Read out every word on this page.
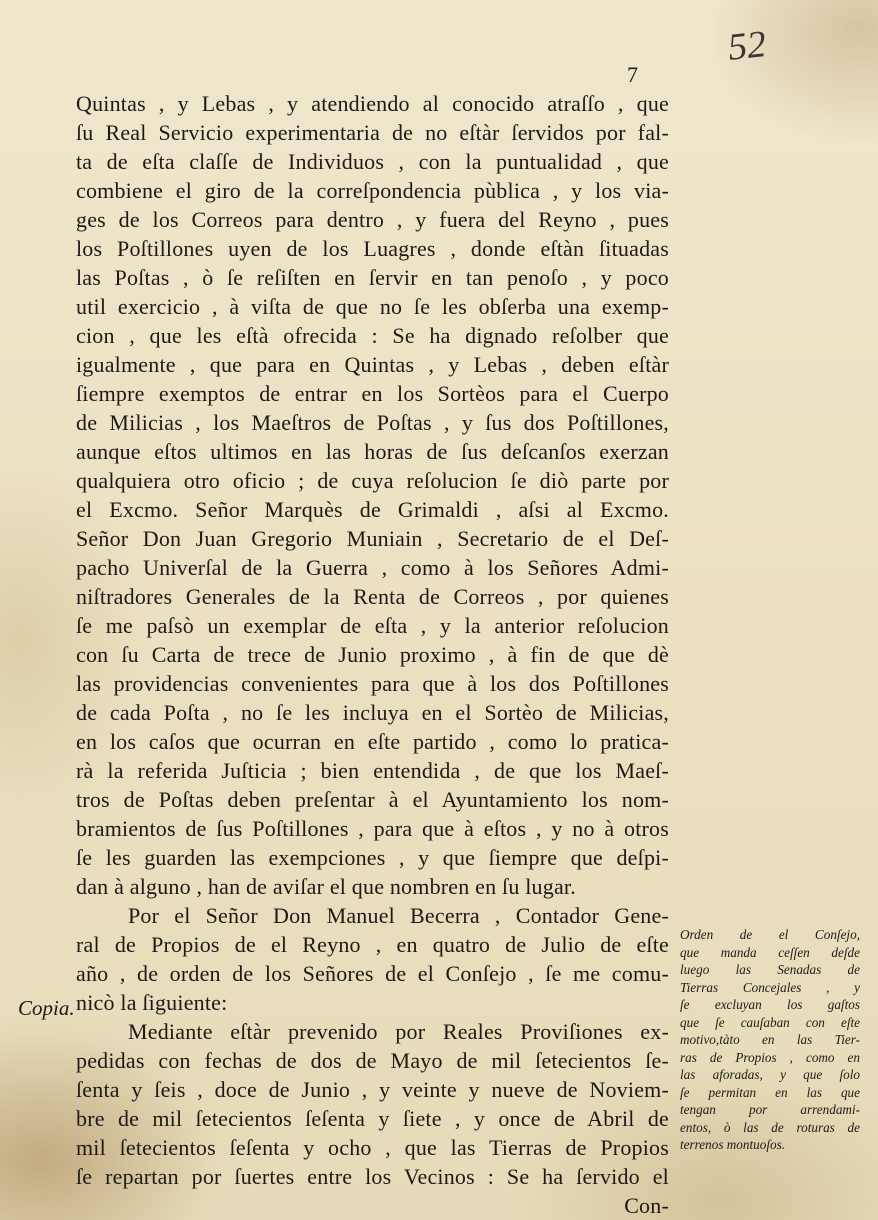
52
7
Quintas , y Lebas , y atendiendo al conocido atraſſo , que
ſu Real Servicio experimentaria de no eſtàr ſervidos por fal-
ta de eſta claſſe de Individuos , con la puntualidad , que
combiene el giro de la correſpondencia pùblica , y los via-
ges de los Correos para dentro , y fuera del Reyno , pues
los Poſtillones uyen de los Luagres , donde eſtàn ſituadas
las Poſtas , ò ſe reſiſten en ſervir en tan penoſo , y poco
util exercicio , à viſta de que no ſe les obſerba una exemp-
cion , que les eſtà ofrecida : Se ha dignado reſolber que
igualmente , que para en Quintas , y Lebas , deben eſtàr
ſiempre exemptos de entrar en los Sortèos para el Cuerpo
de Milicias , los Maeſtros de Poſtas , y ſus dos Poſtillones,
aunque eſtos ultimos en las horas de ſus deſcanſos exerzan
qualquiera otro oficio ; de cuya reſolucion ſe diò parte por
el Excmo. Señor Marquès de Grimaldi , aſsi al Excmo.
Señor Don Juan Gregorio Muniain , Secretario de el Deſ-
pacho Univerſal de la Guerra , como à los Señores Admi-
niſtradores Generales de la Renta de Correos , por quienes
ſe me paſsò un exemplar de eſta , y la anterior reſolucion
con ſu Carta de trece de Junio proximo , à fin de que dè
las providencias convenientes para que à los dos Poſtillones
de cada Poſta , no ſe les incluya en el Sortèo de Milicias,
en los caſos que ocurran en eſte partido , como lo pratica-
rà la referida Juſticia ; bien entendida , de que los Maeſ-
tros de Poſtas deben preſentar à el Ayuntamiento los nom-
bramientos de ſus Poſtillones , para que à eſtos , y no à otros
ſe les guarden las exempciones , y que ſiempre que deſpi-
dan à alguno , han de aviſar el que nombren en ſu lugar.
Por el Señor Don Manuel Becerra , Contador Gene-
ral de Propios de el Reyno , en quatro de Julio de eſte
año , de orden de los Señores de el Conſejo , ſe me comu-
nicò la ſiguiente:
Mediante eſtàr prevenido por Reales Proviſiones ex-
pedidas con fechas de dos de Mayo de mil ſetecientos ſe-
ſenta y ſeis , doce de Junio , y veinte y nueve de Noviem-
bre de mil ſetecientos ſeſenta y ſiete , y once de Abril de
mil ſetecientos ſeſenta y ocho , que las Tierras de Propios
ſe repartan por ſuertes entre los Vecinos : Se ha ſervido el
Con-
Copia.
Orden de el Conſejo,
que manda ceſſen deſde
luego las Senadas de
Tierras Concejales , y
ſe excluyan los gaſtos
que ſe cauſaban con eſte
motivo,tàto en las Tier-
ras de Propios , como en
las aforadas, y que ſolo
ſe permitan en las que
tengan por arrendami-
entos, ò las de roturas de
terrenos montuoſos.
